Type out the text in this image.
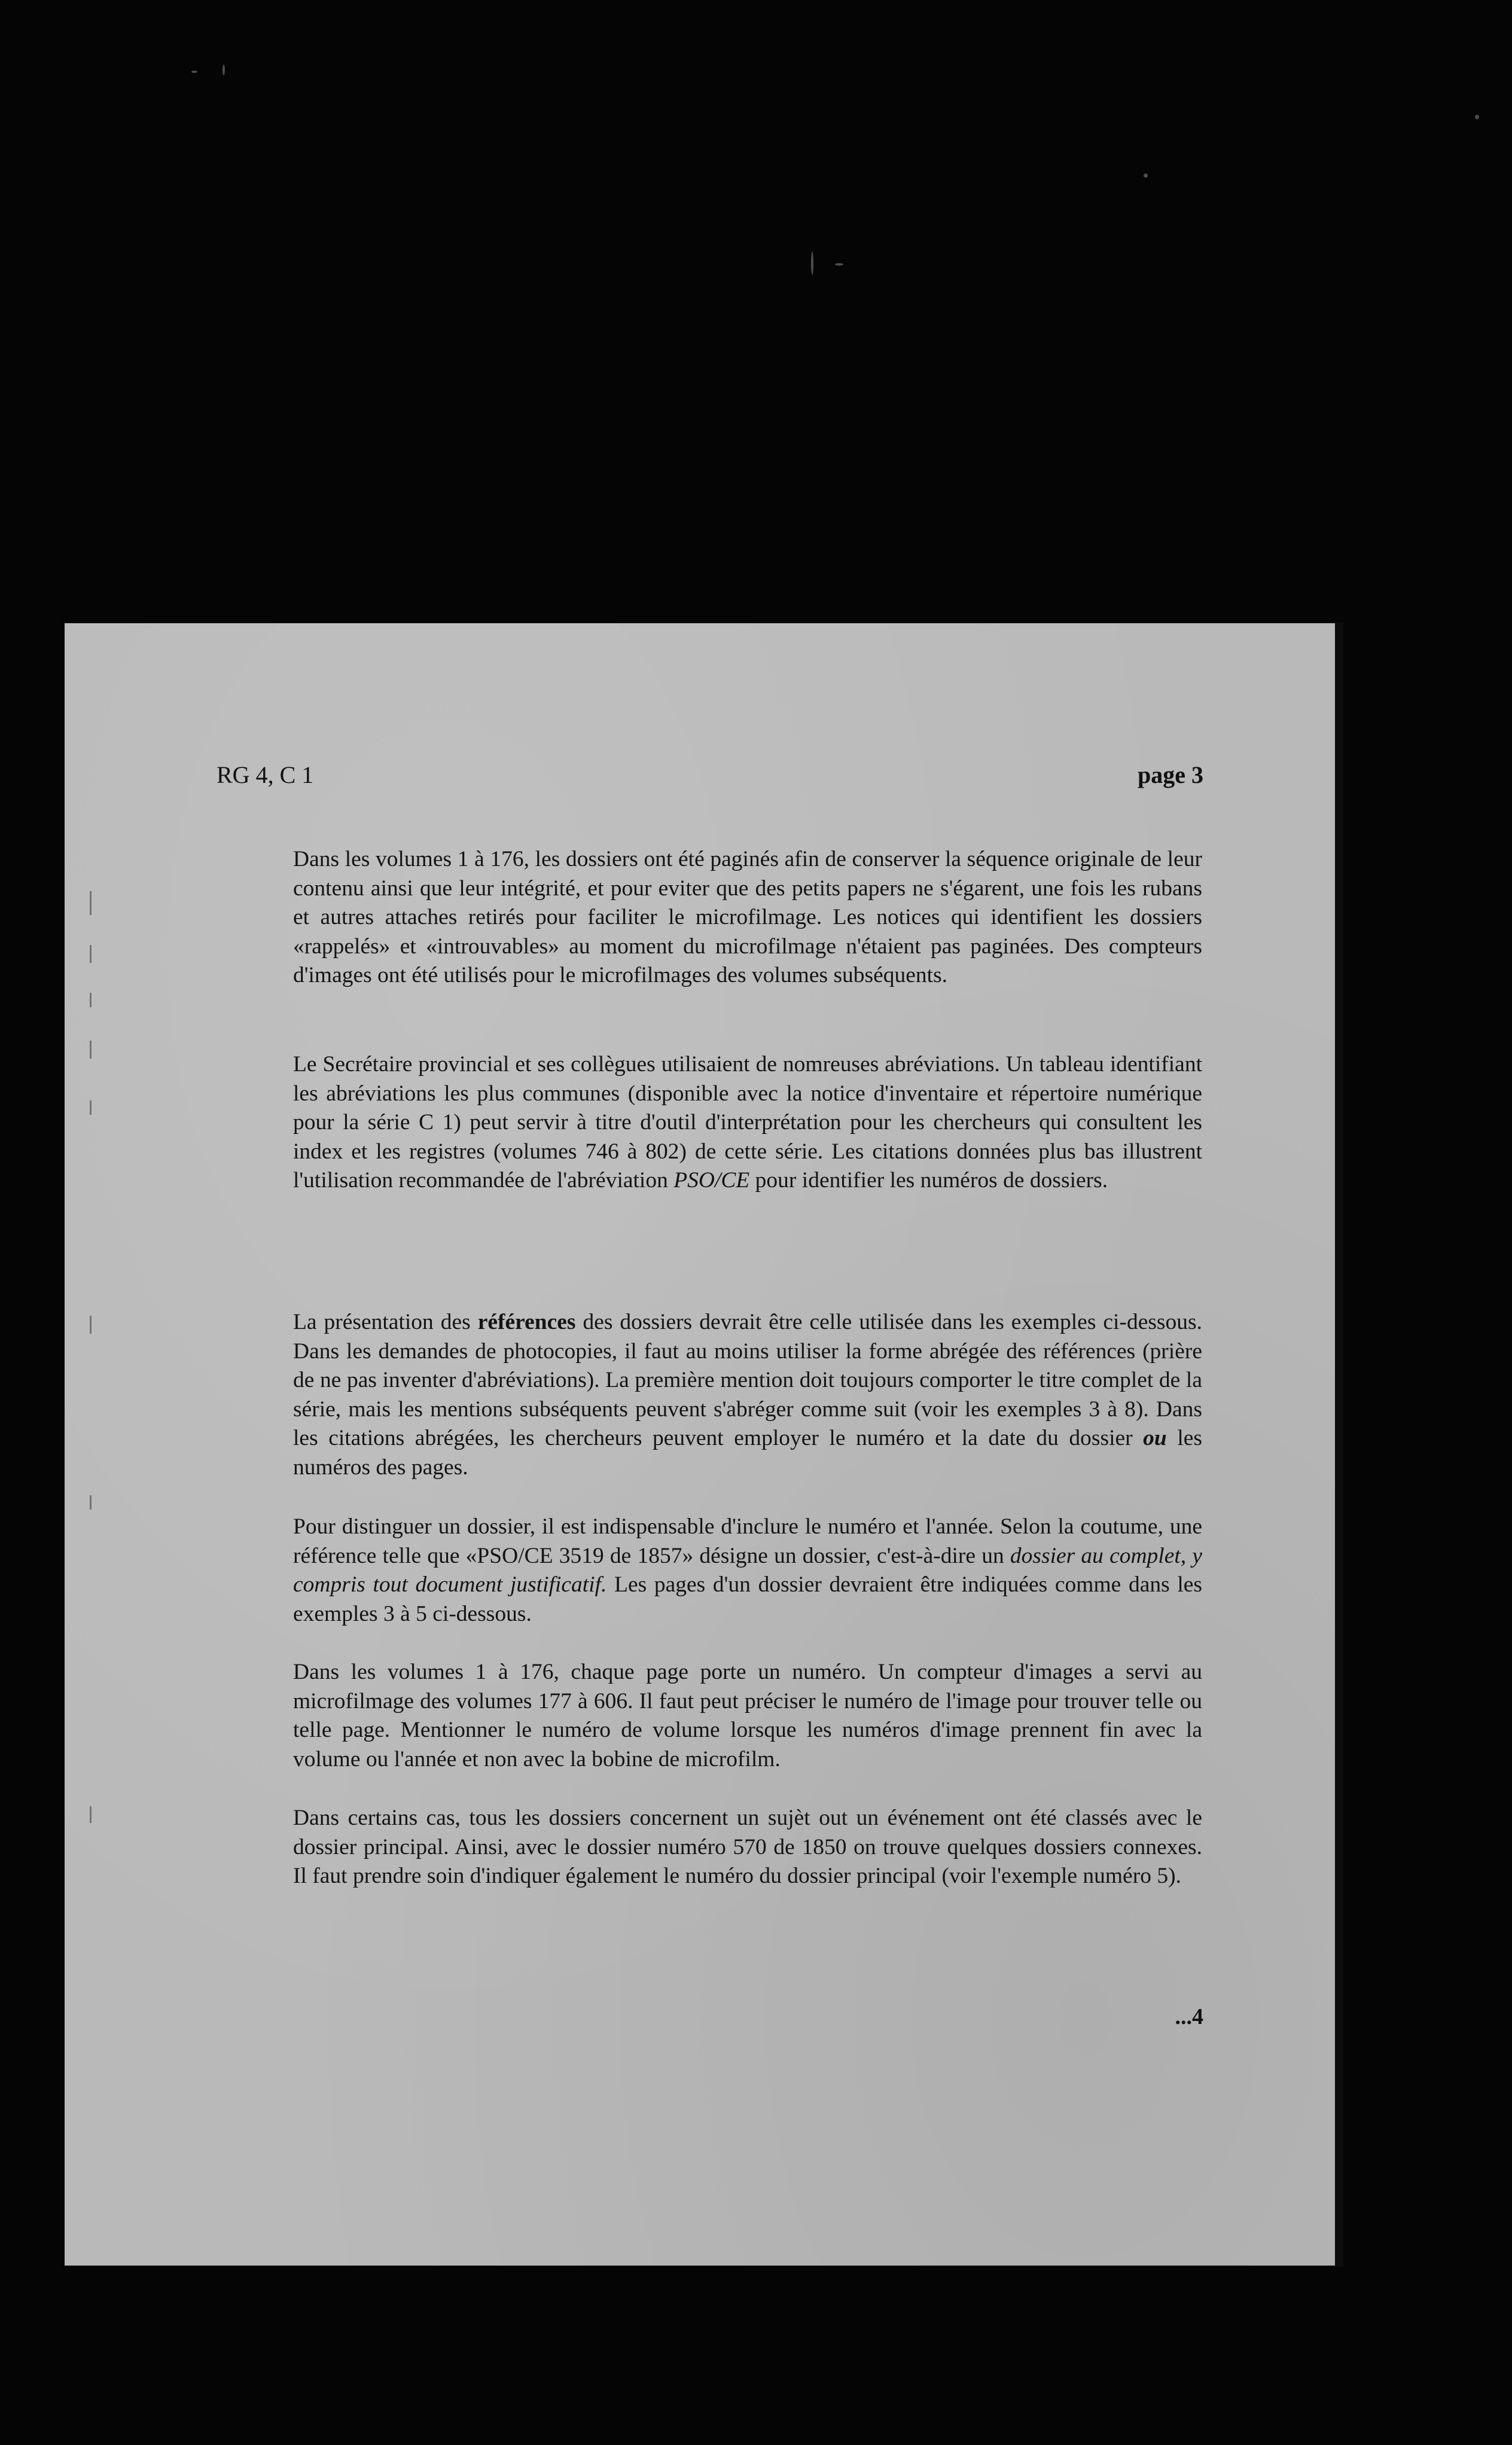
RG 4, C 1	page 3

Dans les volumes 1 à 176, les dossiers ont été paginés afin de conserver la séquence originale de leur contenu ainsi que leur intégrité, et pour eviter que des petits papers ne s'égarent, une fois les rubans et autres attaches retirés pour faciliter le microfilmage. Les notices qui identifient les dossiers «rappelés» et «introuvables» au moment du microfilmage n'étaient pas paginées. Des compteurs d'images ont été utilisés pour le microfilmages des volumes subséquents.

Le Secrétaire provincial et ses collègues utilisaient de nomreuses abréviations. Un tableau identifiant les abréviations les plus communes (disponible avec la notice d'inventaire et répertoire numérique pour la série C 1) peut servir à titre d'outil d'interprétation pour les chercheurs qui consultent les index et les registres (volumes 746 à 802) de cette série. Les citations données plus bas illustrent l'utilisation recommandée de l'abréviation PSO/CE pour identifier les numéros de dossiers.

La présentation des références des dossiers devrait être celle utilisée dans les exemples ci-dessous. Dans les demandes de photocopies, il faut au moins utiliser la forme abrégée des références (prière de ne pas inventer d'abréviations). La première mention doit toujours comporter le titre complet de la série, mais les mentions subséquents peuvent s'abréger comme suit (voir les exemples 3 à 8). Dans les citations abrégées, les chercheurs peuvent employer le numéro et la date du dossier ou les numéros des pages.

Pour distinguer un dossier, il est indispensable d'inclure le numéro et l'année. Selon la coutume, une référence telle que «PSO/CE 3519 de 1857» désigne un dossier, c'est-à-dire un dossier au complet, y compris tout document justificatif. Les pages d'un dossier devraient être indiquées comme dans les exemples 3 à 5 ci-dessous.

Dans les volumes 1 à 176, chaque page porte un numéro. Un compteur d'images a servi au microfilmage des volumes 177 à 606. Il faut peut préciser le numéro de l'image pour trouver telle ou telle page. Mentionner le numéro de volume lorsque les numéros d'image prennent fin avec la volume ou l'année et non avec la bobine de microfilm.

Dans certains cas, tous les dossiers concernent un sujèt out un événement ont été classés avec le dossier principal. Ainsi, avec le dossier numéro 570 de 1850 on trouve quelques dossiers connexes. Il faut prendre soin d'indiquer également le numéro du dossier principal (voir l'exemple numéro 5).

...4
